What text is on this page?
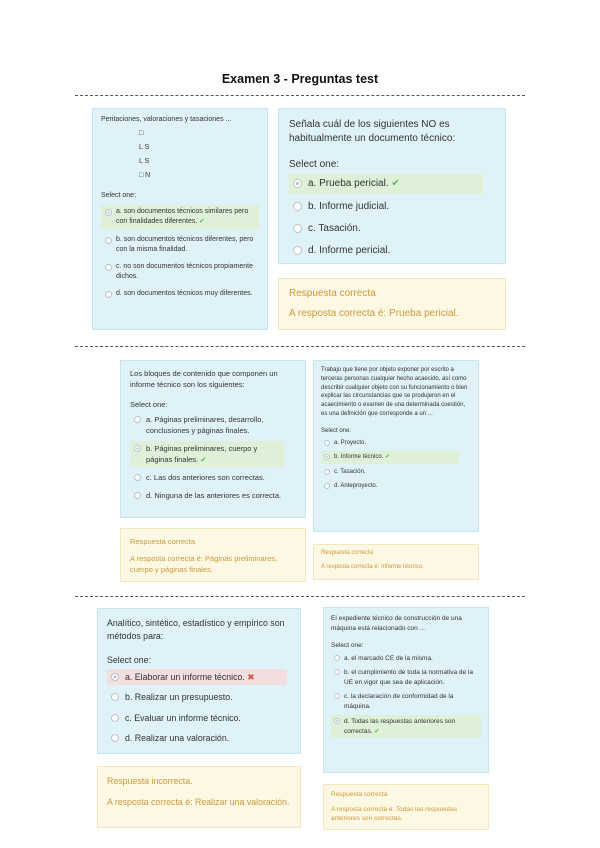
Examen 3 - Preguntas test

Peritaciones, valoraciones y tasaciones ...

□
L S
L S
□ N

Select one:

a. son documentos técnicos similares pero con finalidades diferentes. ✔
b. son documentos técnicos diferentes, pero con la misma finalidad.
c. no son documentos técnicos propiamente dichos.
d. son documentos técnicos muy diferentes.

Señala cuál de los siguientes NO es habitualmente un documento técnico:

Select one:

a. Prueba pericial. ✔
b. Informe judicial.
c. Tasación.
d. Informe pericial.

Respuesta correcta

A resposta correcta é: Prueba pericial.

Los bloques de contenido que componen un informe técnico son los siguientes:

Select one:

a. Páginas preliminares, desarrollo, conclusiones y páginas finales.
b. Páginas preliminares, cuerpo y páginas finales. ✔
c. Las dos anteriores son correctas.
d. Ninguna de las anteriores es correcta.

Respuesta correcta

A resposta correcta é: Páginas preliminares, cuerpo y páginas finales.

Trabajo que tiene por objeto exponer por escrito a terceras personas cualquier hecho acaecido, así como describir cualquier objeto con su funcionamiento o bien explicar las circunstancias que se produjeron en el acaecimiento o examen de una determinada cuestión, es una definición que corresponde a un ...

Select one:

a. Proyecto.
b. Informe técnico. ✔
c. Tasación.
d. Anteproyecto.

Respuesta correcta

A resposta correcta é: Informe técnico.

Analítico, sintético, estadístico y empírico son métodos para:

Select one:

a. Elaborar un informe técnico. ✖
b. Realizar un presupuesto.
c. Evaluar un informe técnico.
d. Realizar una valoración.

Respuesta incorrecta.

A resposta correcta é: Realizar una valoración.

El expediente técnico de construcción de una máquina está relacionado con ...

Select one:

a. el marcado CE de la misma.
b. el cumplimiento de toda la normativa de la UE en vigor que sea de aplicación.
c. la declaración de conformidad de la máquina.
d. Todas las respuestas anteriores son correctas. ✔

Respuesta correcta

A resposta correcta é: Todas las respuestas anteriores son correctas.
